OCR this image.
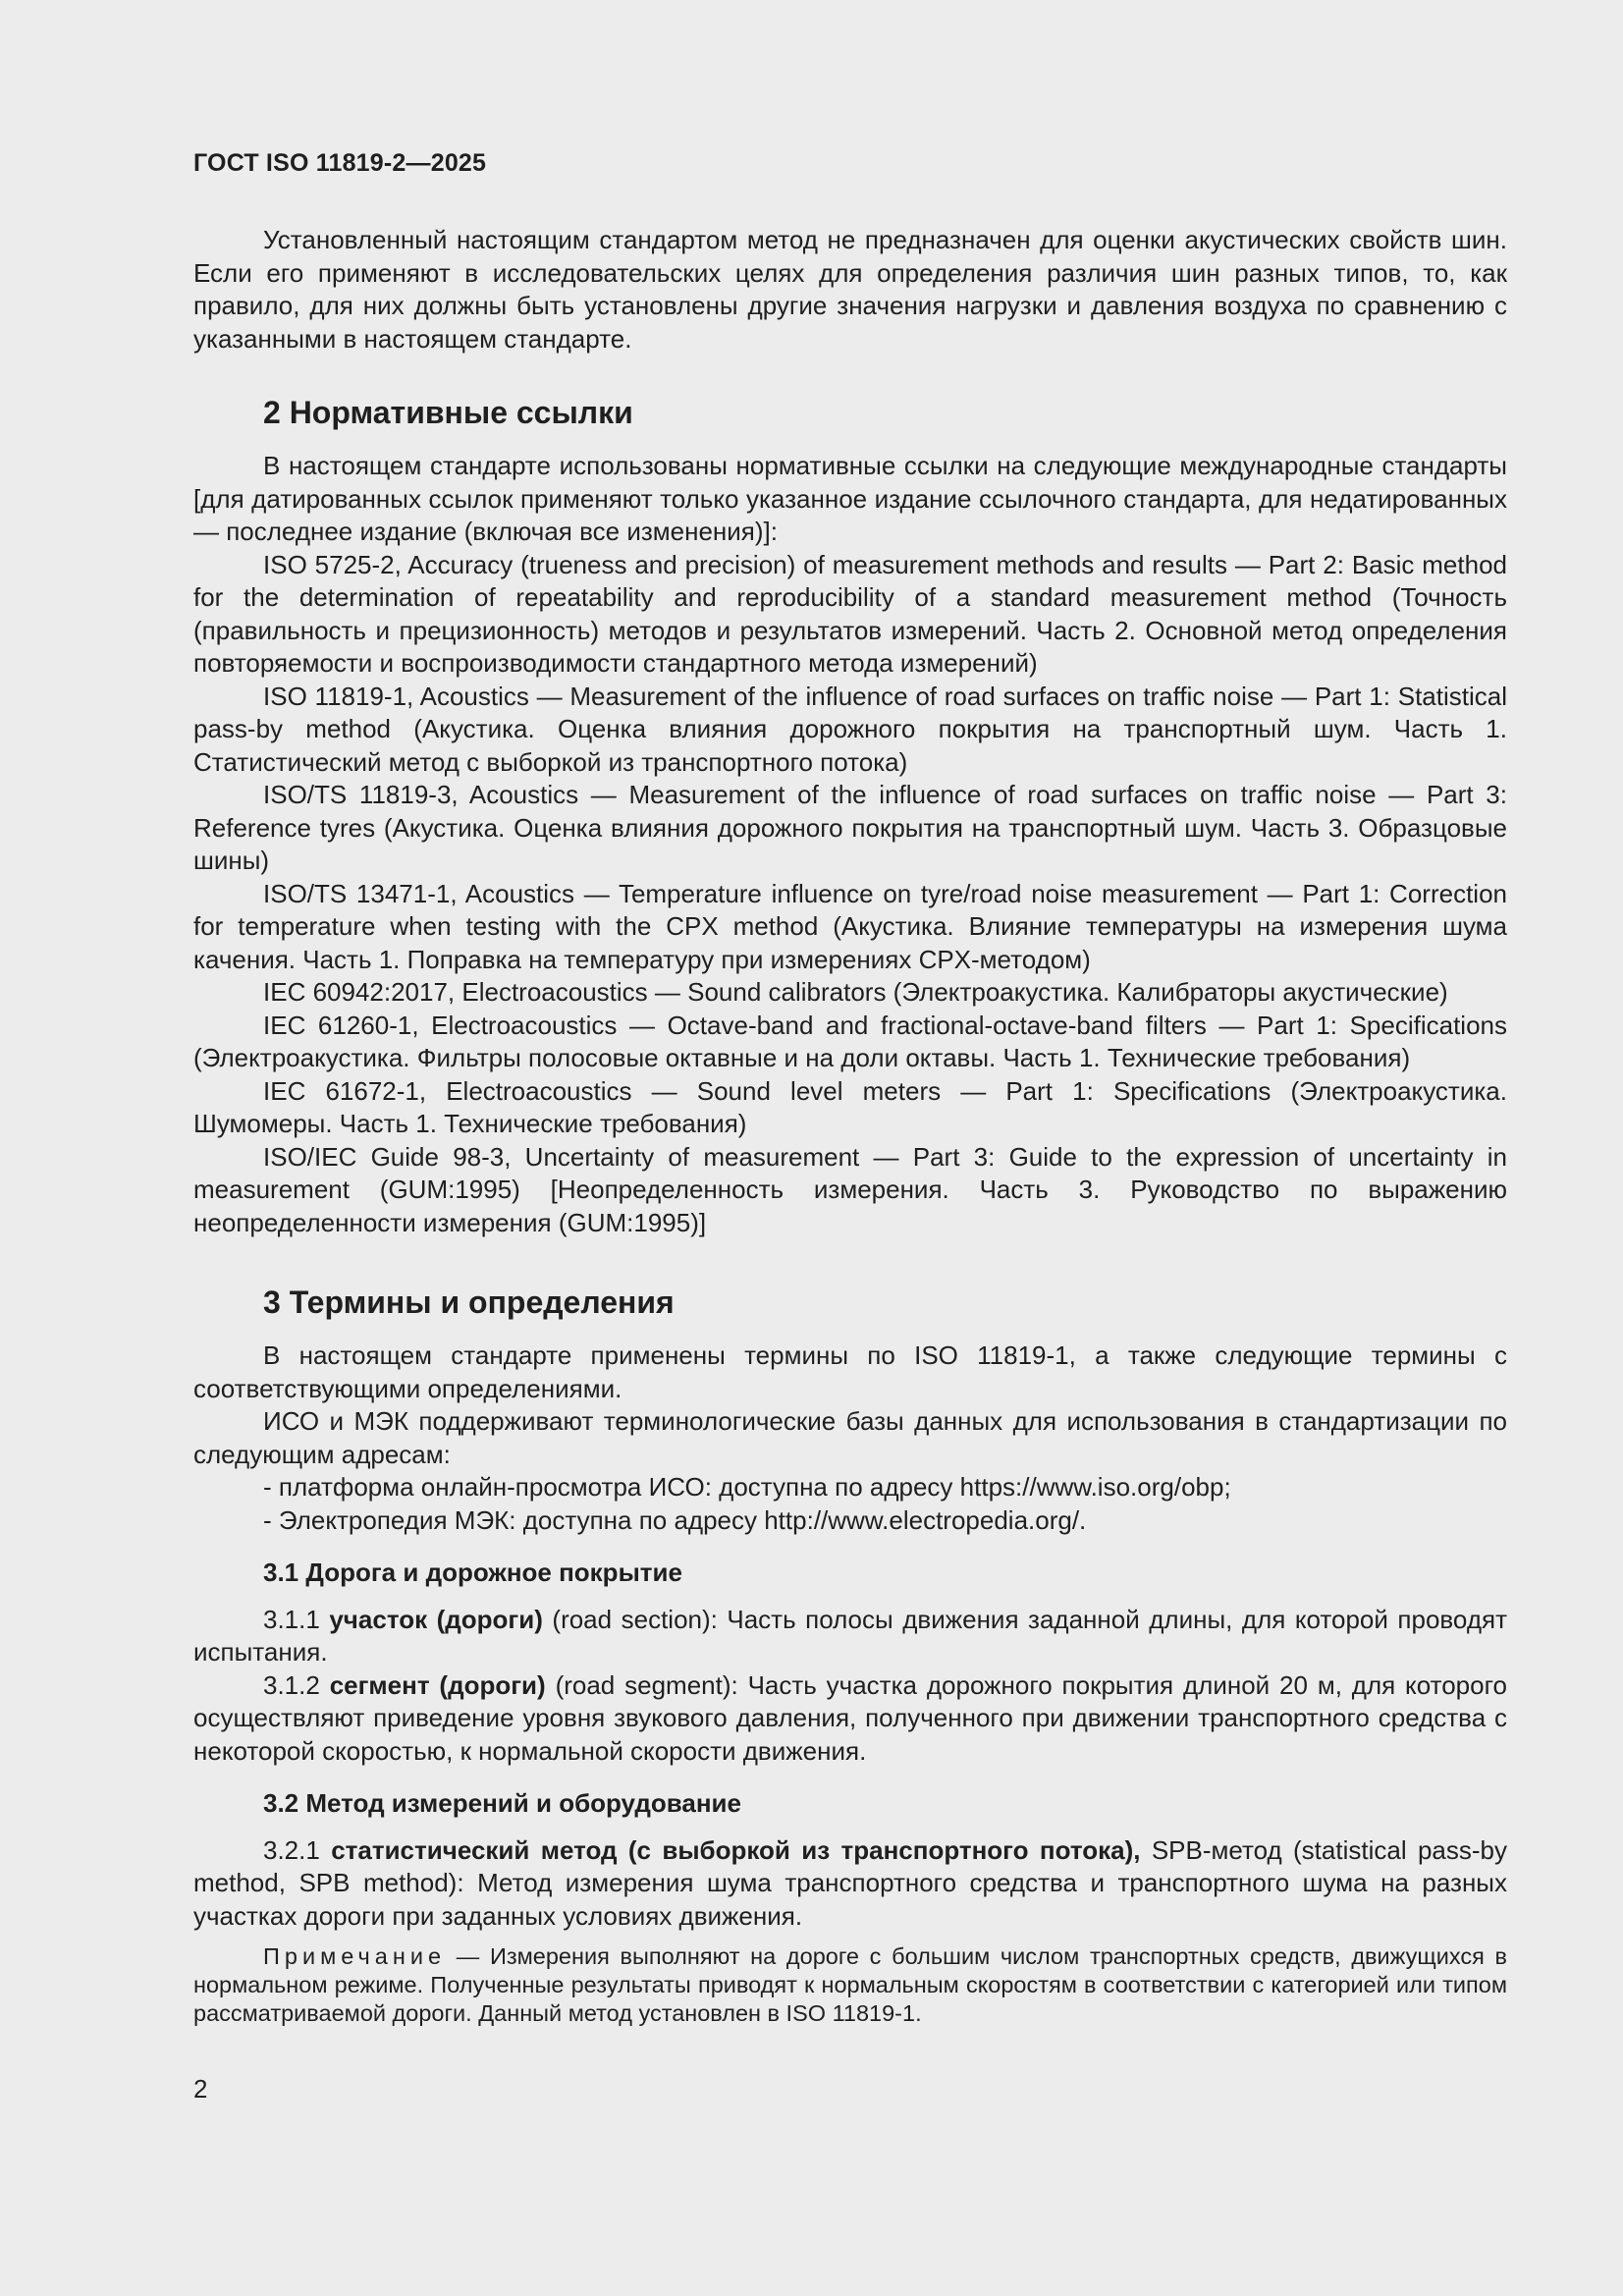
ГОСТ ISO 11819-2—2025

Установленный настоящим стандартом метод не предназначен для оценки акустических свойств шин. Если его применяют в исследовательских целях для определения различия шин разных типов, то, как правило, для них должны быть установлены другие значения нагрузки и давления воздуха по сравнению с указанными в настоящем стандарте.

2 Нормативные ссылки

В настоящем стандарте использованы нормативные ссылки на следующие международные стандарты [для датированных ссылок применяют только указанное издание ссылочного стандарта, для недатированных — последнее издание (включая все изменения)]:

ISO 5725-2, Accuracy (trueness and precision) of measurement methods and results — Part 2: Basic method for the determination of repeatability and reproducibility of a standard measurement method (Точность (правильность и прецизионность) методов и результатов измерений. Часть 2. Основной метод определения повторяемости и воспроизводимости стандартного метода измерений)

ISO 11819-1, Acoustics — Measurement of the influence of road surfaces on traffic noise — Part 1: Statistical pass-by method (Акустика. Оценка влияния дорожного покрытия на транспортный шум. Часть 1. Статистический метод с выборкой из транспортного потока)

ISO/TS 11819-3, Acoustics — Measurement of the influence of road surfaces on traffic noise — Part 3: Reference tyres (Акустика. Оценка влияния дорожного покрытия на транспортный шум. Часть 3. Образцовые шины)

ISO/TS 13471-1, Acoustics — Temperature influence on tyre/road noise measurement — Part 1: Correction for temperature when testing with the CPX method (Акустика. Влияние температуры на измерения шума качения. Часть 1. Поправка на температуру при измерениях CPX-методом)

IEC 60942:2017, Electroacoustics — Sound calibrators (Электроакустика. Калибраторы акустические)

IEC 61260-1, Electroacoustics — Octave-band and fractional-octave-band filters — Part 1: Specifications (Электроакустика. Фильтры полосовые октавные и на доли октавы. Часть 1. Технические требования)

IEC 61672-1, Electroacoustics — Sound level meters — Part 1: Specifications (Электроакустика. Шумомеры. Часть 1. Технические требования)

ISO/IEC Guide 98-3, Uncertainty of measurement — Part 3: Guide to the expression of uncertainty in measurement (GUM:1995) [Неопределенность измерения. Часть 3. Руководство по выражению неопределенности измерения (GUM:1995)]

3 Термины и определения

В настоящем стандарте применены термины по ISO 11819-1, а также следующие термины с соответствующими определениями.

ИСО и МЭК поддерживают терминологические базы данных для использования в стандартизации по следующим адресам:

- платформа онлайн-просмотра ИСО: доступна по адресу https://www.iso.org/obp;

- Электропедия МЭК: доступна по адресу http://www.electropedia.org/.

3.1 Дорога и дорожное покрытие

3.1.1 участок (дороги) (road section): Часть полосы движения заданной длины, для которой проводят испытания.

3.1.2 сегмент (дороги) (road segment): Часть участка дорожного покрытия длиной 20 м, для которого осуществляют приведение уровня звукового давления, полученного при движении транспортного средства с некоторой скоростью, к нормальной скорости движения.

3.2 Метод измерений и оборудование

3.2.1 статистический метод (с выборкой из транспортного потока), SPB-метод (statistical pass-by method, SPB method): Метод измерения шума транспортного средства и транспортного шума на разных участках дороги при заданных условиях движения.

Примечание — Измерения выполняют на дороге с большим числом транспортных средств, движущихся в нормальном режиме. Полученные результаты приводят к нормальным скоростям в соответствии с категорией или типом рассматриваемой дороги. Данный метод установлен в ISO 11819-1.

2
